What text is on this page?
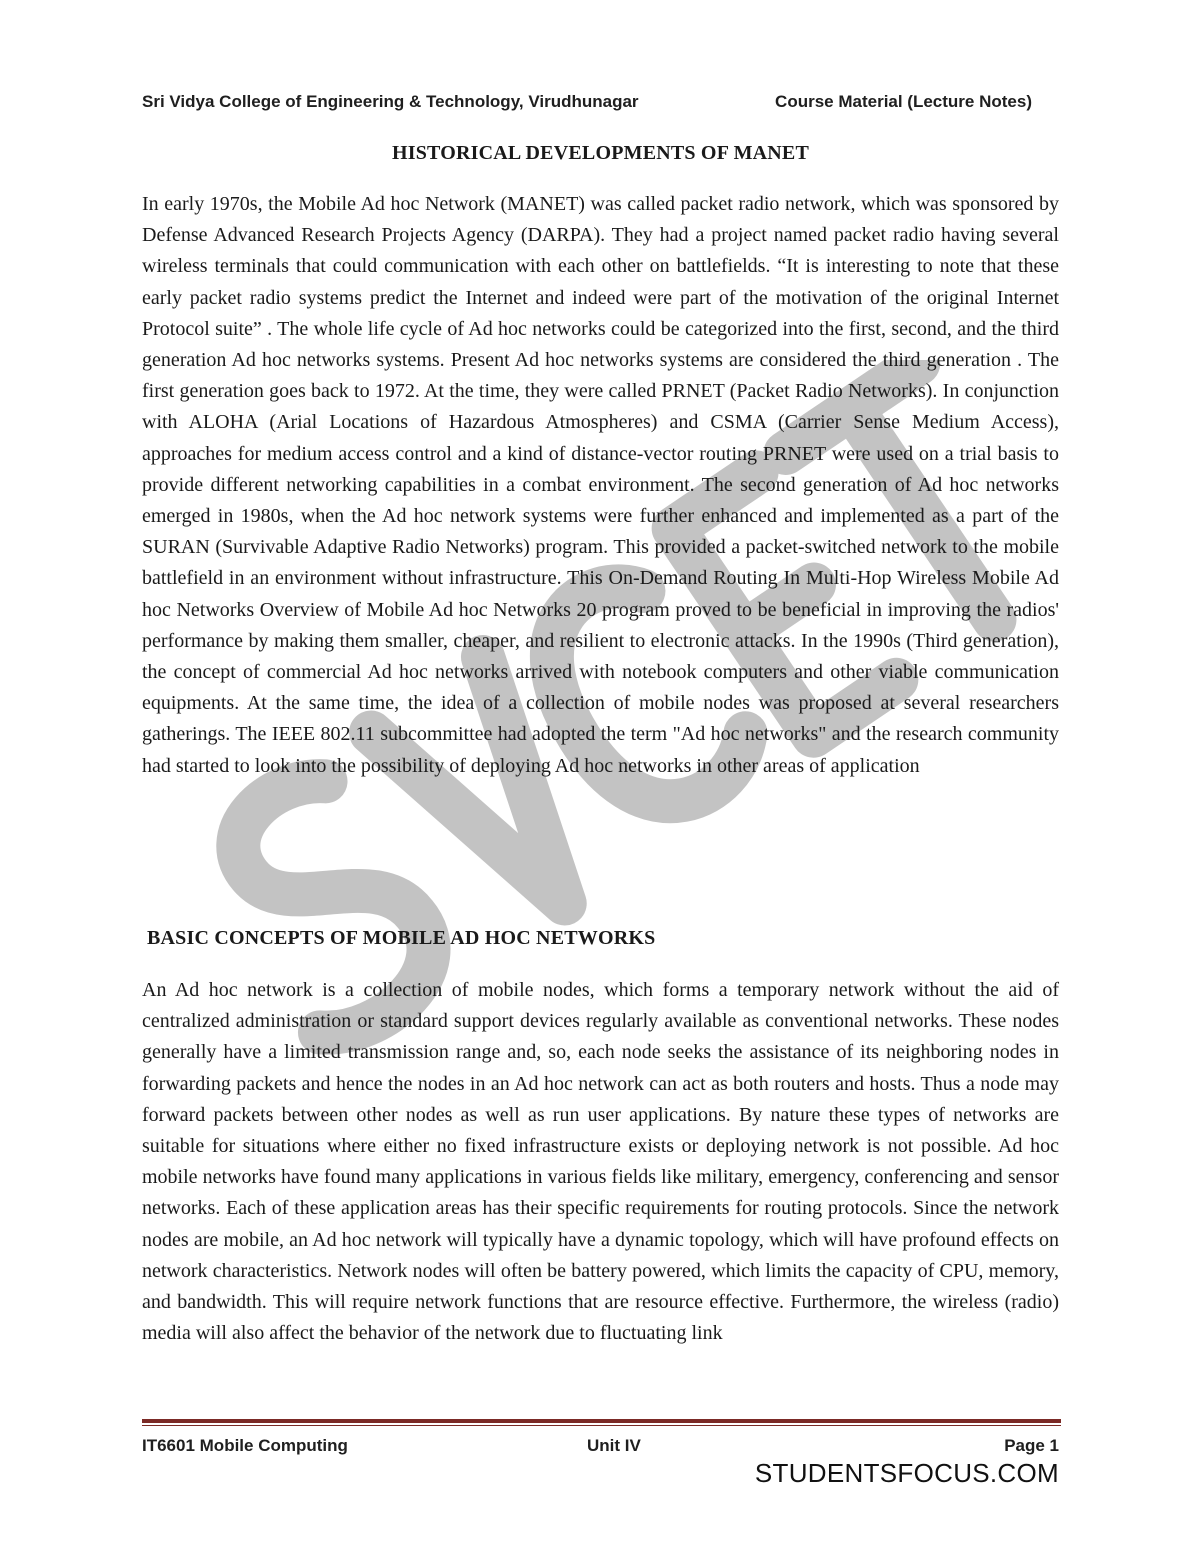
Sri Vidya College of Engineering & Technology, Virudhunagar	Course Material (Lecture Notes)
HISTORICAL DEVELOPMENTS OF MANET

In early 1970s, the Mobile Ad hoc Network (MANET) was called packet radio network, which was sponsored by Defense Advanced Research Projects Agency (DARPA). They had a project named packet radio having several wireless terminals that could communication with each other on battlefields. “It is interesting to note that these early packet radio systems predict the Internet and indeed were part of the motivation of the original Internet Protocol suite” . The whole life cycle of Ad hoc networks could be categorized into the first, second, and the third generation Ad hoc networks systems. Present Ad hoc networks systems are considered the third generation . The first generation goes back to 1972. At the time, they were called PRNET (Packet Radio Networks). In conjunction with ALOHA (Arial Locations of Hazardous Atmospheres) and CSMA (Carrier Sense Medium Access), approaches for medium access control and a kind of distance-vector routing PRNET were used on a trial basis to provide different networking capabilities in a combat environment. The second generation of Ad hoc networks emerged in 1980s, when the Ad hoc network systems were further enhanced and implemented as a part of the SURAN (Survivable Adaptive Radio Networks) program. This provided a packet-switched network to the mobile battlefield in an environment without infrastructure. This On-Demand Routing In Multi-Hop Wireless Mobile Ad hoc Networks Overview of Mobile Ad hoc Networks 20 program proved to be beneficial in improving the radios' performance by making them smaller, cheaper, and resilient to electronic attacks. In the 1990s (Third generation), the concept of commercial Ad hoc networks arrived with notebook computers and other viable communication equipments. At the same time, the idea of a collection of mobile nodes was proposed at several researchers gatherings. The IEEE 802.11 subcommittee had adopted the term "Ad hoc networks" and the research community had started to look into the possibility of deploying Ad hoc networks in other areas of application

BASIC CONCEPTS OF MOBILE AD HOC NETWORKS

An Ad hoc network is a collection of mobile nodes, which forms a temporary network without the aid of centralized administration or standard support devices regularly available as conventional networks. These nodes generally have a limited transmission range and, so, each node seeks the assistance of its neighboring nodes in forwarding packets and hence the nodes in an Ad hoc network can act as both routers and hosts. Thus a node may forward packets between other nodes as well as run user applications. By nature these types of networks are suitable for situations where either no fixed infrastructure exists or deploying network is not possible. Ad hoc mobile networks have found many applications in various fields like military, emergency, conferencing and sensor networks. Each of these application areas has their specific requirements for routing protocols. Since the network nodes are mobile, an Ad hoc network will typically have a dynamic topology, which will have profound effects on network characteristics. Network nodes will often be battery powered, which limits the capacity of CPU, memory, and bandwidth. This will require network functions that are resource effective. Furthermore, the wireless (radio) media will also affect the behavior of the network due to fluctuating link

IT6601 Mobile Computing	Unit IV	Page 1
STUDENTSFOCUS.COM
